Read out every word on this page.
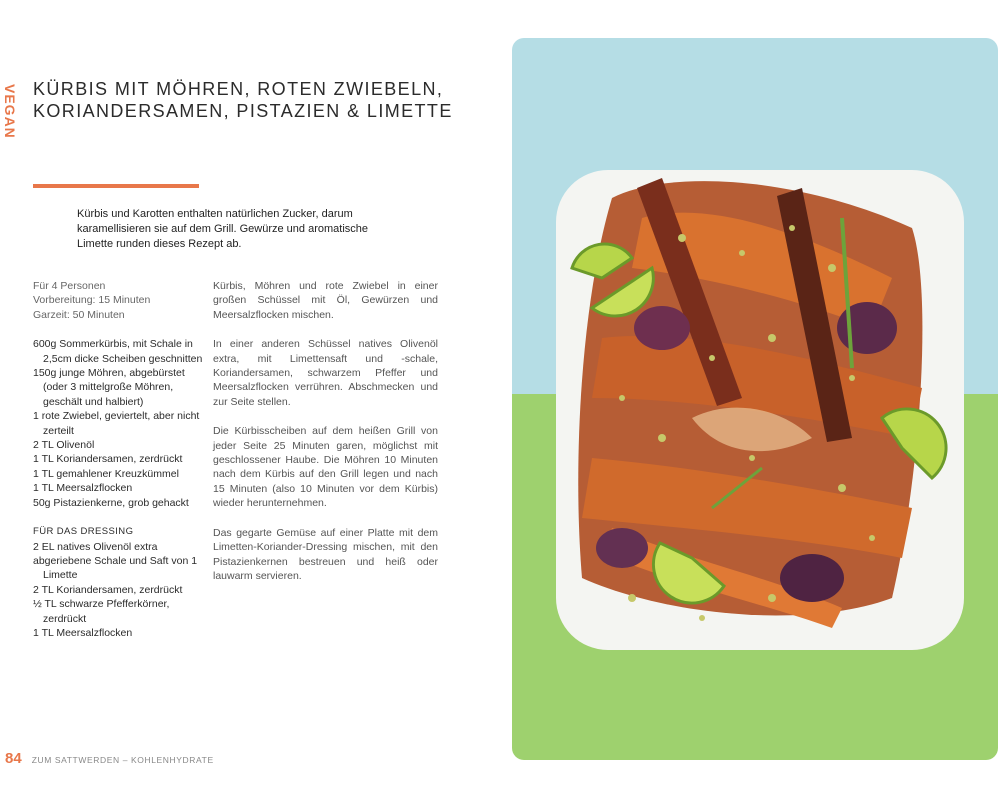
VEGAN KÜRBIS MIT MÖHREN, ROTEN ZWIEBELN,
KORIANDERSAMEN, PISTAZIEN & LIMETTE
Kürbis und Karotten enthalten natürlichen Zucker, darum karamellisieren sie auf dem Grill. Gewürze und aromatische Limette runden dieses Rezept ab.
Für 4 Personen
Vorbereitung: 15 Minuten
Garzeit: 50 Minuten
600g Sommerkürbis, mit Schale in 2,5cm dicke Scheiben geschnitten
150g junge Möhren, abgebürstet (oder 3 mittelgroße Möhren, geschält und halbiert)
1 rote Zwiebel, geviertelt, aber nicht zerteilt
2 TL Olivenöl
1 TL Koriandersamen, zerdrückt
1 TL gemahlener Kreuzkümmel
1 TL Meersalzflocken
50g Pistazienkerne, grob gehackt
FÜR DAS DRESSING
2 EL natives Olivenöl extra
abgeriebene Schale und Saft von 1 Limette
2 TL Koriandersamen, zerdrückt
½ TL schwarze Pfefferkörner, zerdrückt
1 TL Meersalzflocken

Kürbis, Möhren und rote Zwiebel in einer großen Schüssel mit Öl, Gewürzen und Meersalzflocken mischen.

In einer anderen Schüssel natives Olivenöl extra, mit Limettensaft und -schale, Koriandersamen, schwarzem Pfeffer und Meersalzflocken verrühren. Abschmecken und zur Seite stellen.

Die Kürbisscheiben auf dem heißen Grill von jeder Seite 25 Minuten garen, möglichst mit geschlossener Haube. Die Möhren 10 Minuten nach dem Kürbis auf den Grill legen und nach 15 Minuten (also 10 Minuten vor dem Kürbis) wieder herunternehmen.

Das gegarte Gemüse auf einer Platte mit dem Limetten-Koriander-Dressing mischen, mit den Pistazienkernen bestreuen und heiß oder lauwarm servieren.

84 ZUM SATTWERDEN – KOHLENHYDRATE
